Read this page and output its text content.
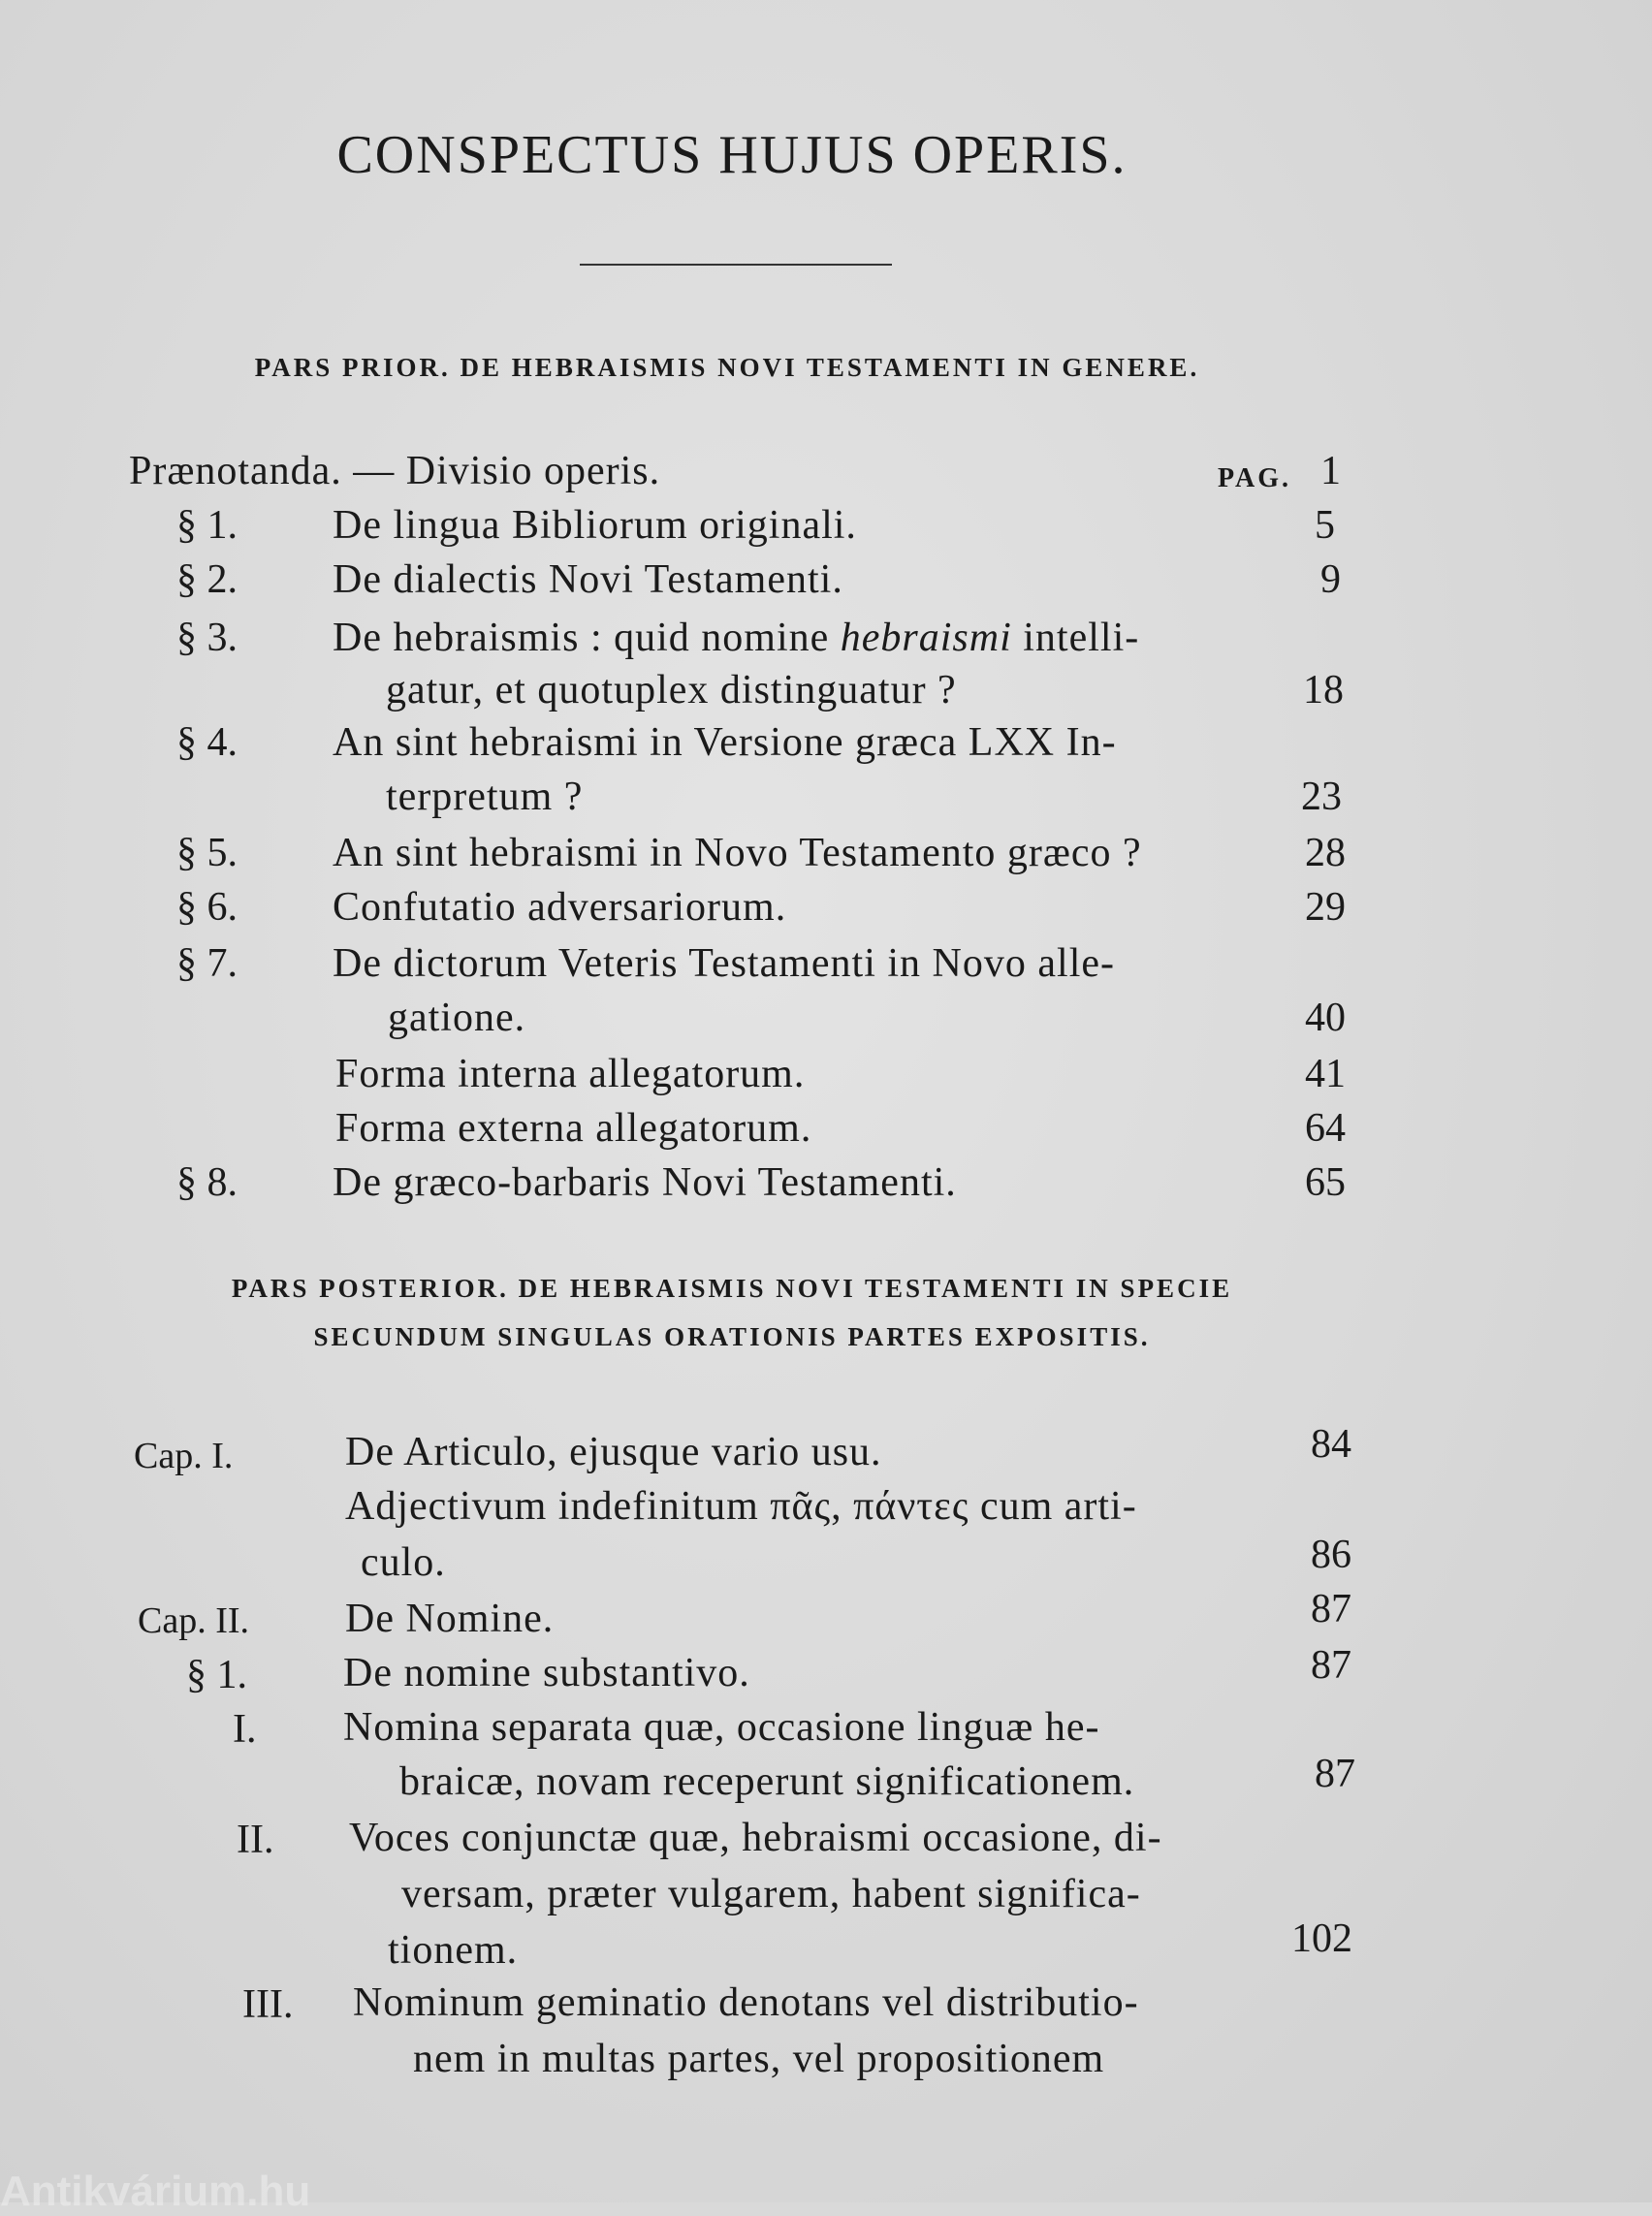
CONSPECTUS HUJUS OPERIS.
PARS PRIOR. DE HEBRAISMIS NOVI TESTAMENTI IN GENERE.
Prænotanda. — Divisio operis.	PAG. 1
§ 1. De lingua Bibliorum originali.	5
§ 2. De dialectis Novi Testamenti.	9
§ 3. De hebraismis : quid nomine hebraismi intelli-
gatur, et quotuplex distinguatur ?	18
§ 4. An sint hebraismi in Versione græca LXX In-
terpretum ?	23
§ 5. An sint hebraismi in Novo Testamento græco ?	28
§ 6. Confutatio adversariorum.	29
§ 7. De dictorum Veteris Testamenti in Novo alle-
gatione.	40
Forma interna allegatorum.	41
Forma externa allegatorum.	64
§ 8. De græco-barbaris Novi Testamenti.	65
PARS POSTERIOR. DE HEBRAISMIS NOVI TESTAMENTI IN SPECIE
SECUNDUM SINGULAS ORATIONIS PARTES EXPOSITIS.
Cap. I.	De Articulo, ejusque vario usu.	84
Adjectivum indefinitum πᾶς, πάντες cum arti-
culo.	86
Cap. II. De Nomine.	87
§ 1. De nomine substantivo.	87
I. Nomina separata quæ, occasione linguæ he-
braicæ, novam receperunt significationem.	87
II. Voces conjunctæ quæ, hebraismi occasione, di-
versam, præter vulgarem, habent significa-
tionem.	102
III. Nominum geminatio denotans vel distributio-
nem in multas partes, vel propositionem
Antikvárium.hu
